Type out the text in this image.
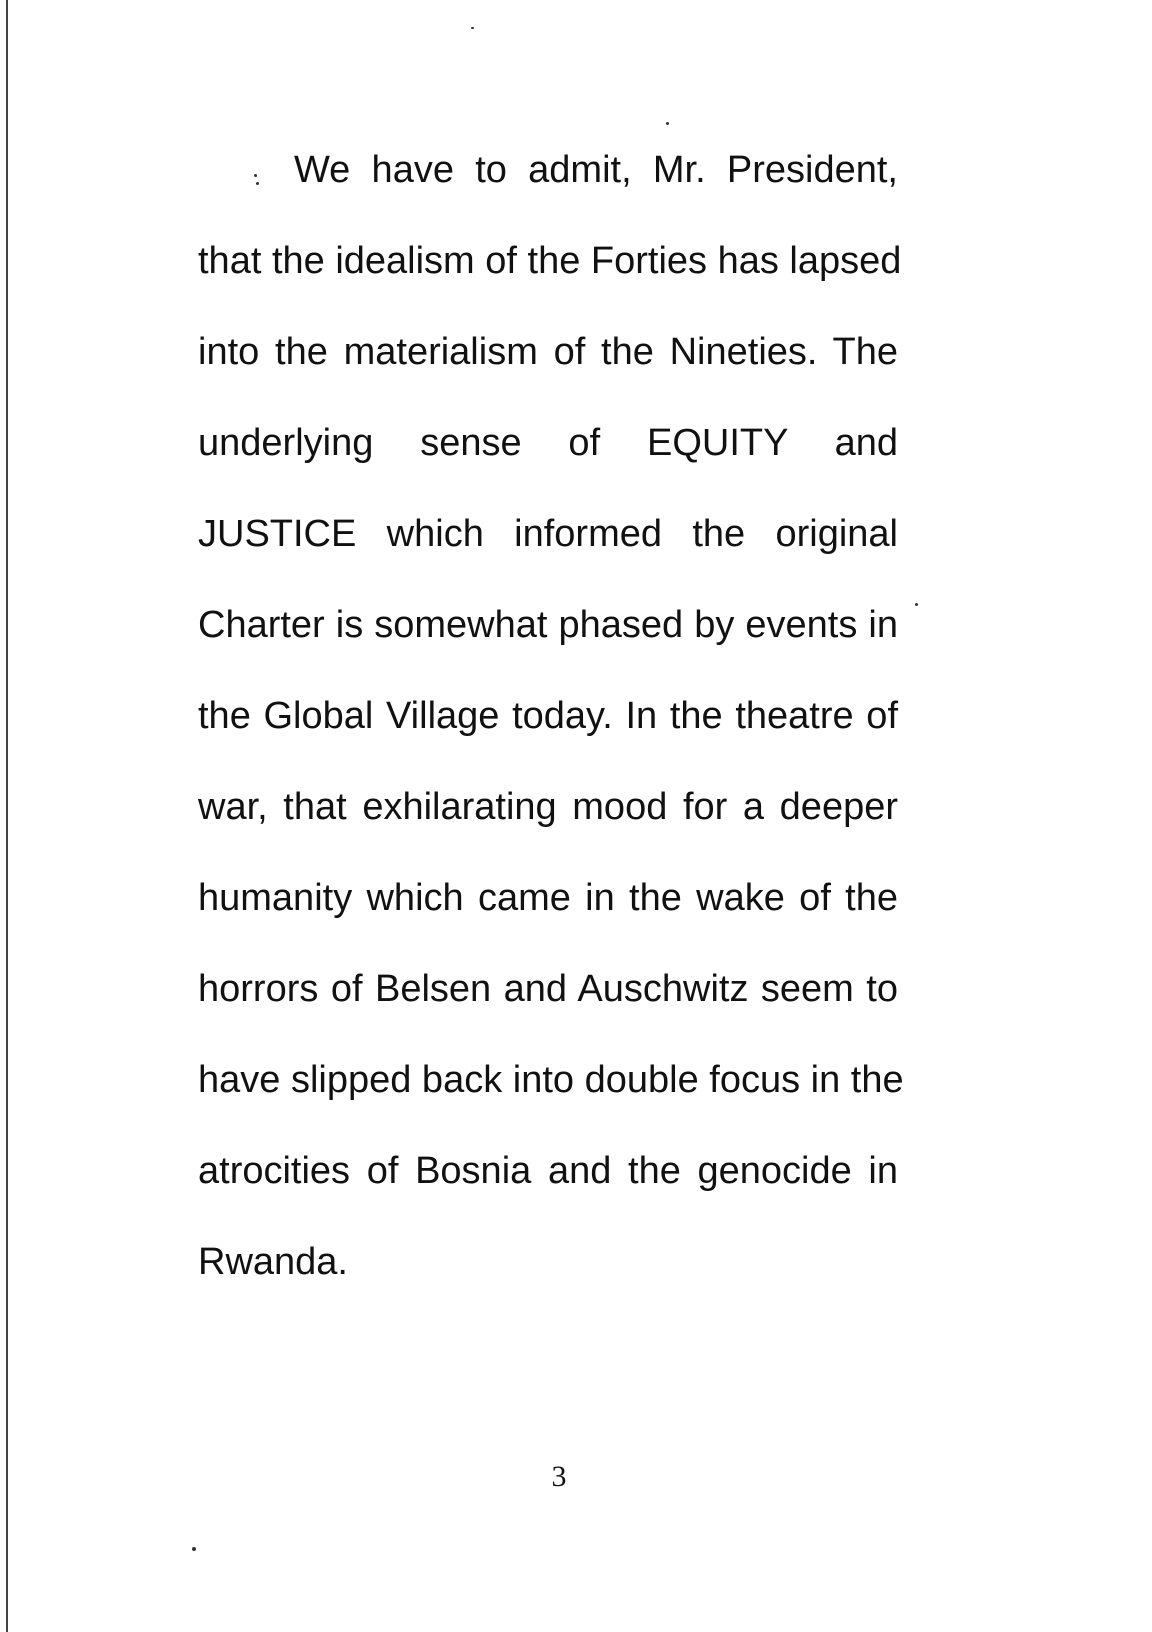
We have to admit, Mr. President,
that the idealism of the Forties has lapsed
into the materialism of the Nineties. The
underlying sense of EQUITY and
JUSTICE which informed the original
Charter is somewhat phased by events in
the Global Village today. In the theatre of
war, that exhilarating mood for a deeper
humanity which came in the wake of the
horrors of Belsen and Auschwitz seem to
have slipped back into double focus in the
atrocities of Bosnia and the genocide in
Rwanda.
3
